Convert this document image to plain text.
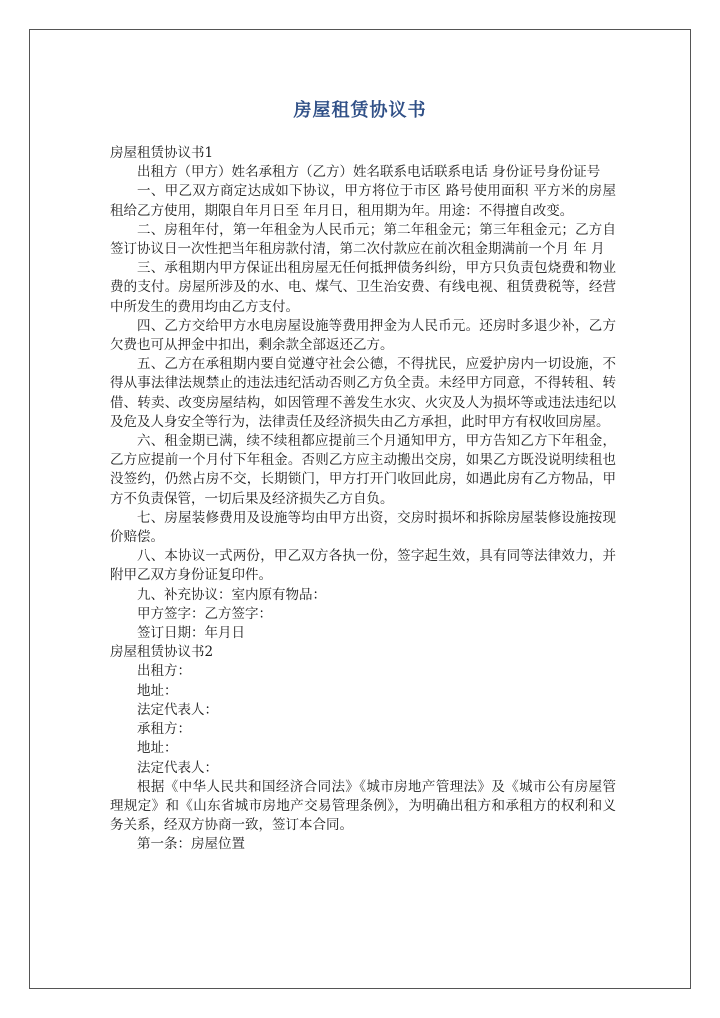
房屋租赁协议书

房屋租赁协议书1

出租方（甲方）姓名承租方（乙方）姓名联系电话联系电话 身份证号身份证号

一、甲乙双方商定达成如下协议，甲方将位于市区 路号使用面积 平方米的房屋租给乙方使用，期限自年月日至 年月日，租用期为年。用途：不得擅自改变。

二、房租年付，第一年租金为人民币元；第二年租金元；第三年租金元；乙方自签订协议日一次性把当年租房款付清，第二次付款应在前次租金期满前一个月 年 月

三、承租期内甲方保证出租房屋无任何抵押债务纠纷，甲方只负责包烧费和物业费的支付。房屋所涉及的水、电、煤气、卫生治安费、有线电视、租赁费税等，经营中所发生的费用均由乙方支付。

四、乙方交给甲方水电房屋设施等费用押金为人民币元。还房时多退少补，乙方欠费也可从押金中扣出，剩余款全部返还乙方。

五、乙方在承租期内要自觉遵守社会公德，不得扰民，应爱护房内一切设施，不得从事法律法规禁止的违法违纪活动否则乙方负全责。未经甲方同意，不得转租、转借、转卖、改变房屋结构，如因管理不善发生水灾、火灾及人为损坏等或违法违纪以及危及人身安全等行为，法律责任及经济损失由乙方承担，此时甲方有权收回房屋。

六、租金期已满，续不续租都应提前三个月通知甲方，甲方告知乙方下年租金，乙方应提前一个月付下年租金。否则乙方应主动搬出交房，如果乙方既没说明续租也没签约，仍然占房不交，长期锁门，甲方打开门收回此房，如遇此房有乙方物品，甲方不负责保管，一切后果及经济损失乙方自负。

七、房屋装修费用及设施等均由甲方出资，交房时损坏和拆除房屋装修设施按现价赔偿。

八、本协议一式两份，甲乙双方各执一份，签字起生效，具有同等法律效力，并附甲乙双方身份证复印件。

九、补充协议：室内原有物品：

甲方签字：乙方签字：

签订日期：年月日

房屋租赁协议书2

出租方：

地址：

法定代表人：

承租方：

地址：

法定代表人：

根据《中华人民共和国经济合同法》《城市房地产管理法》及《城市公有房屋管理规定》和《山东省城市房地产交易管理条例》，为明确出租方和承租方的权利和义务关系，经双方协商一致，签订本合同。

第一条：房屋位置
